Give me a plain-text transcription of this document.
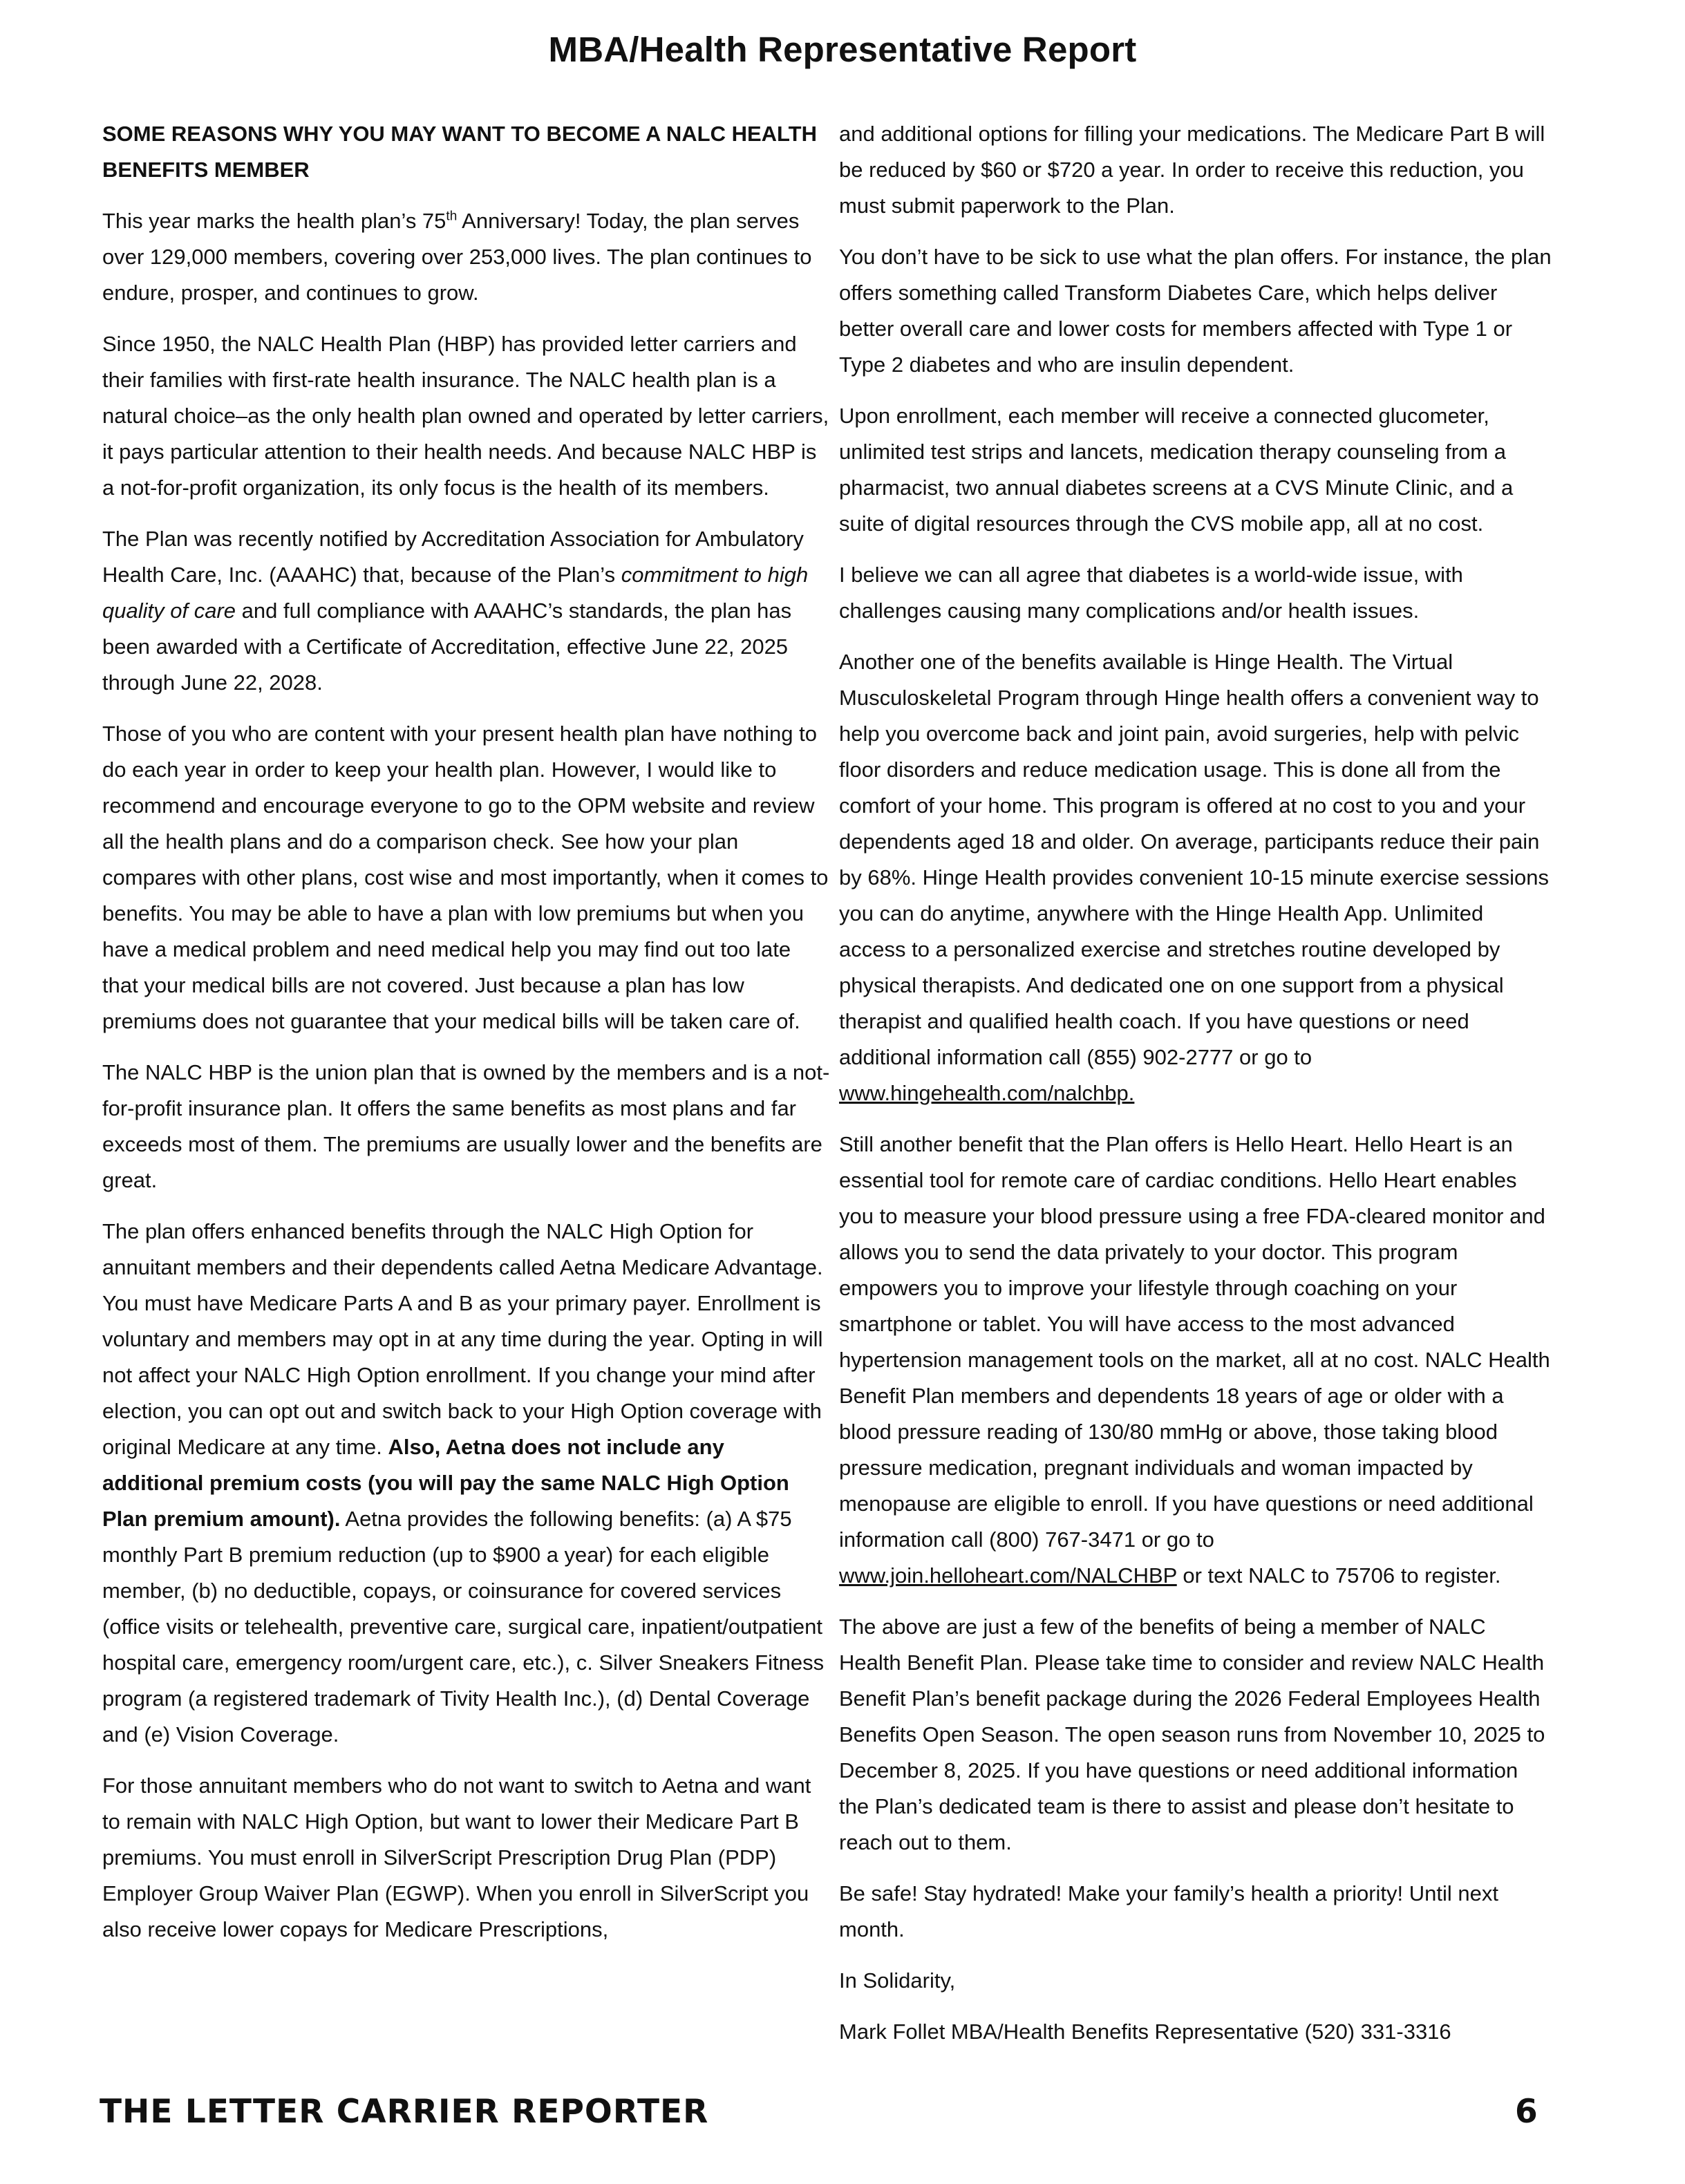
MBA/Health Representative Report

SOME REASONS WHY YOU MAY WANT TO BECOME A NALC HEALTH BENEFITS MEMBER

This year marks the health plan’s 75th Anniversary! Today, the plan serves over 129,000 members, covering over 253,000 lives. The plan continues to endure, prosper, and continues to grow.

Since 1950, the NALC Health Plan (HBP) has provided letter carriers and their families with first-rate health insurance. The NALC health plan is a natural choice–as the only health plan owned and operated by letter carriers, it pays particular attention to their health needs. And because NALC HBP is a not-for-profit organization, its only focus is the health of its members.

The Plan was recently notified by Accreditation Association for Ambulatory Health Care, Inc. (AAAHC) that, because of the Plan’s commitment to high quality of care and full compliance with AAAHC’s standards, the plan has been awarded with a Certificate of Accreditation, effective June 22, 2025 through June 22, 2028.

Those of you who are content with your present health plan have nothing to do each year in order to keep your health plan. However, I would like to recommend and encourage everyone to go to the OPM website and review all the health plans and do a comparison check. See how your plan compares with other plans, cost wise and most importantly, when it comes to benefits. You may be able to have a plan with low premiums but when you have a medical problem and need medical help you may find out too late that your medical bills are not covered. Just because a plan has low premiums does not guarantee that your medical bills will be taken care of.

The NALC HBP is the union plan that is owned by the members and is a not-for-profit insurance plan. It offers the same benefits as most plans and far exceeds most of them. The premiums are usually lower and the benefits are great.

The plan offers enhanced benefits through the NALC High Option for annuitant members and their dependents called Aetna Medicare Advantage. You must have Medicare Parts A and B as your primary payer. Enrollment is voluntary and members may opt in at any time during the year. Opting in will not affect your NALC High Option enrollment. If you change your mind after election, you can opt out and switch back to your High Option coverage with original Medicare at any time. Also, Aetna does not include any additional premium costs (you will pay the same NALC High Option Plan premium amount). Aetna provides the following benefits: (a) A $75 monthly Part B premium reduction (up to $900 a year) for each eligible member, (b) no deductible, copays, or coinsurance for covered services (office visits or telehealth, preventive care, surgical care, inpatient/outpatient hospital care, emergency room/urgent care, etc.), c. Silver Sneakers Fitness program (a registered trademark of Tivity Health Inc.), (d) Dental Coverage and (e) Vision Coverage.

For those annuitant members who do not want to switch to Aetna and want to remain with NALC High Option, but want to lower their Medicare Part B premiums. You must enroll in SilverScript Prescription Drug Plan (PDP) Employer Group Waiver Plan (EGWP). When you enroll in SilverScript you also receive lower copays for Medicare Prescriptions,

and additional options for filling your medications. The Medicare Part B will be reduced by $60 or $720 a year. In order to receive this reduction, you must submit paperwork to the Plan.

You don’t have to be sick to use what the plan offers. For instance, the plan offers something called Transform Diabetes Care, which helps deliver better overall care and lower costs for members affected with Type 1 or Type 2 diabetes and who are insulin dependent.

Upon enrollment, each member will receive a connected glucometer, unlimited test strips and lancets, medication therapy counseling from a pharmacist, two annual diabetes screens at a CVS Minute Clinic, and a suite of digital resources through the CVS mobile app, all at no cost.

I believe we can all agree that diabetes is a world-wide issue, with challenges causing many complications and/or health issues.

Another one of the benefits available is Hinge Health. The Virtual Musculoskeletal Program through Hinge health offers a convenient way to help you overcome back and joint pain, avoid surgeries, help with pelvic floor disorders and reduce medication usage. This is done all from the comfort of your home. This program is offered at no cost to you and your dependents aged 18 and older. On average, participants reduce their pain by 68%. Hinge Health provides convenient 10-15 minute exercise sessions you can do anytime, anywhere with the Hinge Health App. Unlimited access to a personalized exercise and stretches routine developed by physical therapists. And dedicated one on one support from a physical therapist and qualified health coach. If you have questions or need additional information call (855) 902-2777 or go to www.hingehealth.com/nalchbp.

Still another benefit that the Plan offers is Hello Heart. Hello Heart is an essential tool for remote care of cardiac conditions. Hello Heart enables you to measure your blood pressure using a free FDA-cleared monitor and allows you to send the data privately to your doctor. This program empowers you to improve your lifestyle through coaching on your smartphone or tablet. You will have access to the most advanced hypertension management tools on the market, all at no cost. NALC Health Benefit Plan members and dependents 18 years of age or older with a blood pressure reading of 130/80 mmHg or above, those taking blood pressure medication, pregnant individuals and woman impacted by menopause are eligible to enroll. If you have questions or need additional information call (800) 767-3471 or go to www.join.helloheart.com/NALCHBP or text NALC to 75706 to register.

The above are just a few of the benefits of being a member of NALC Health Benefit Plan. Please take time to consider and review NALC Health Benefit Plan’s benefit package during the 2026 Federal Employees Health Benefits Open Season. The open season runs from November 10, 2025 to December 8, 2025. If you have questions or need additional information the Plan’s dedicated team is there to assist and please don’t hesitate to reach out to them.

Be safe! Stay hydrated! Make your family’s health a priority! Until next month.

In Solidarity,

Mark Follet MBA/Health Benefits Representative (520) 331-3316

THE LETTER CARRIER REPORTER	6
